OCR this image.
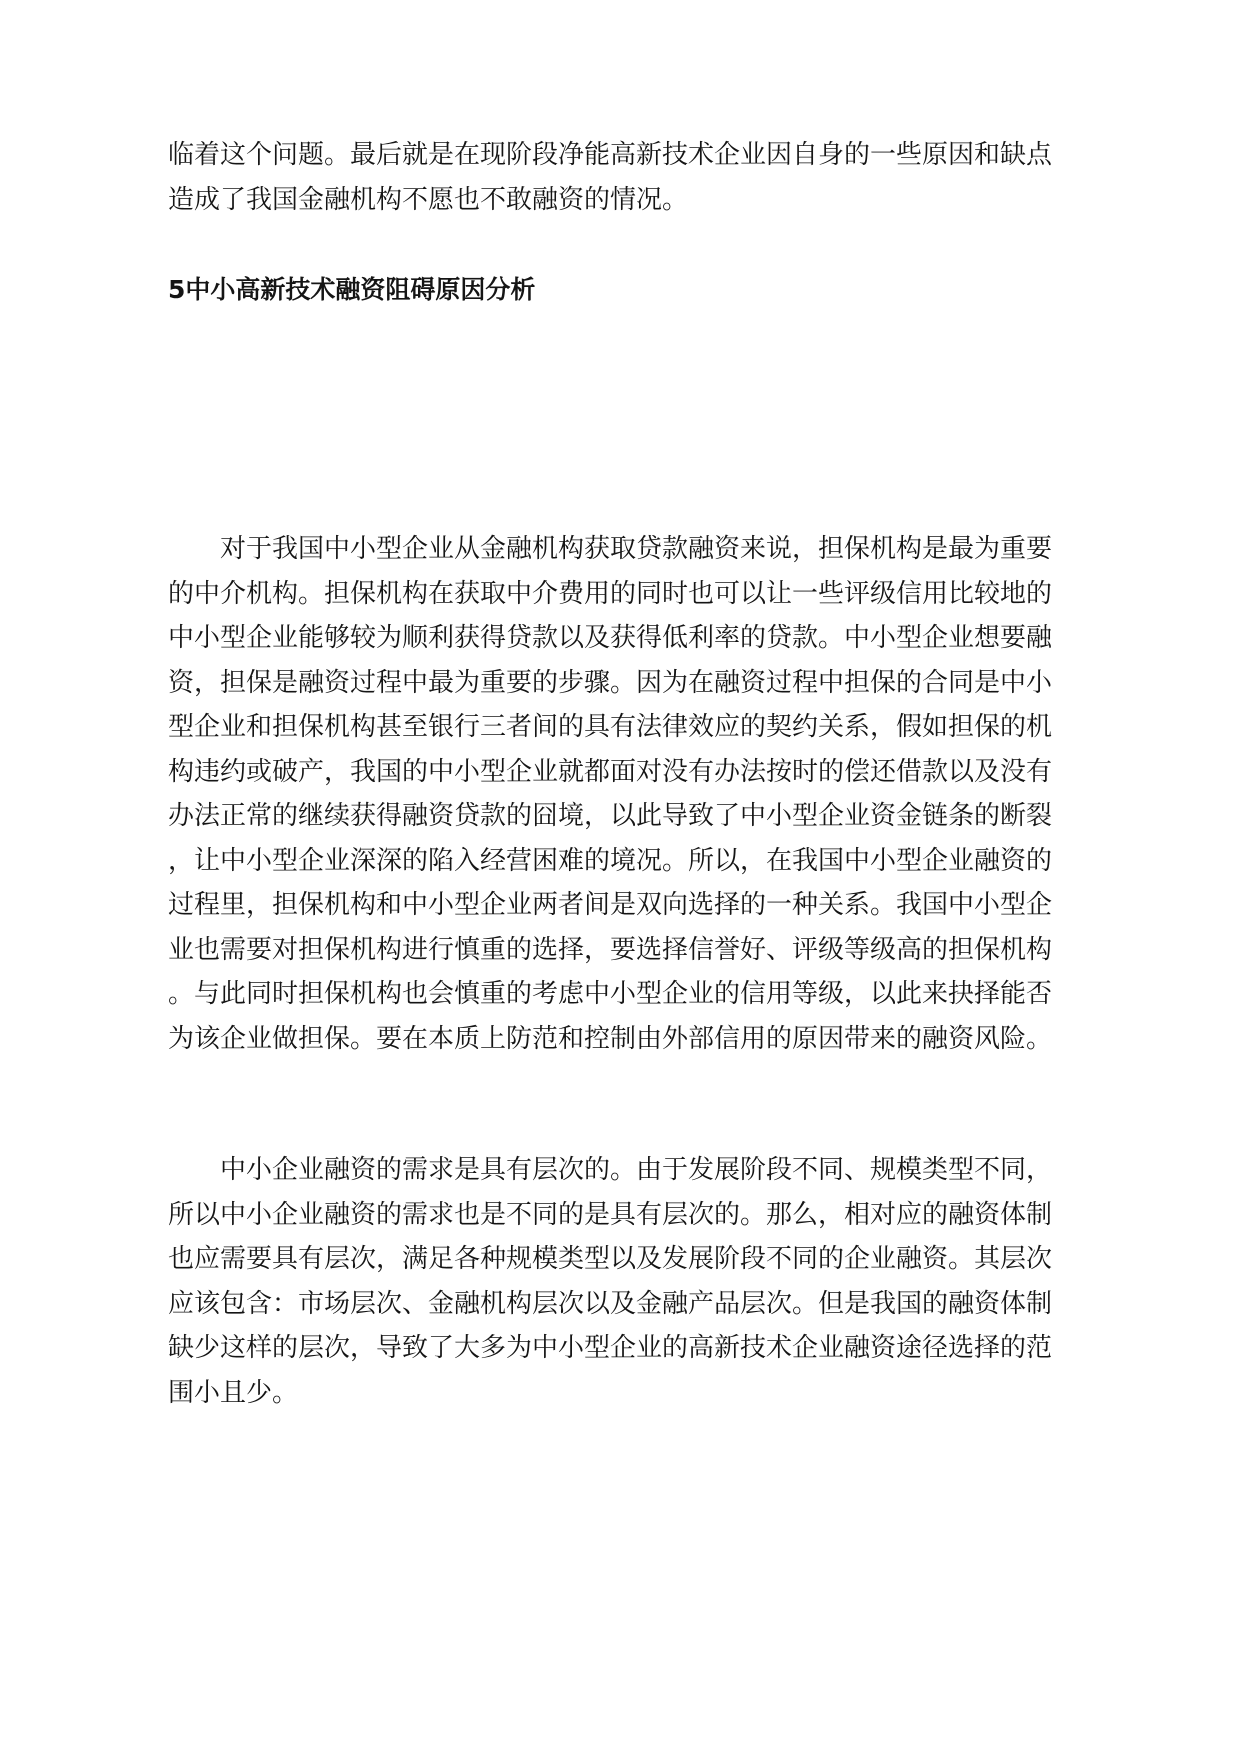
临着这个问题。最后就是在现阶段净能高新技术企业因自身的一些原因和缺点
造成了我国金融机构不愿也不敢融资的情况。
5中小高新技术融资阻碍原因分析
对于我国中小型企业从金融机构获取贷款融资来说，担保机构是最为重要
的中介机构。担保机构在获取中介费用的同时也可以让一些评级信用比较地的
中小型企业能够较为顺利获得贷款以及获得低利率的贷款。中小型企业想要融
资，担保是融资过程中最为重要的步骤。因为在融资过程中担保的合同是中小
型企业和担保机构甚至银行三者间的具有法律效应的契约关系，假如担保的机
构违约或破产，我国的中小型企业就都面对没有办法按时的偿还借款以及没有
办法正常的继续获得融资贷款的囧境，以此导致了中小型企业资金链条的断裂
，让中小型企业深深的陷入经营困难的境况。所以，在我国中小型企业融资的
过程里，担保机构和中小型企业两者间是双向选择的一种关系。我国中小型企
业也需要对担保机构进行慎重的选择，要选择信誉好、评级等级高的担保机构
。与此同时担保机构也会慎重的考虑中小型企业的信用等级，以此来抉择能否
为该企业做担保。要在本质上防范和控制由外部信用的原因带来的融资风险。
中小企业融资的需求是具有层次的。由于发展阶段不同、规模类型不同，
所以中小企业融资的需求也是不同的是具有层次的。那么，相对应的融资体制
也应需要具有层次，满足各种规模类型以及发展阶段不同的企业融资。其层次
应该包含：市场层次、金融机构层次以及金融产品层次。但是我国的融资体制
缺少这样的层次，导致了大多为中小型企业的高新技术企业融资途径选择的范
围小且少。
